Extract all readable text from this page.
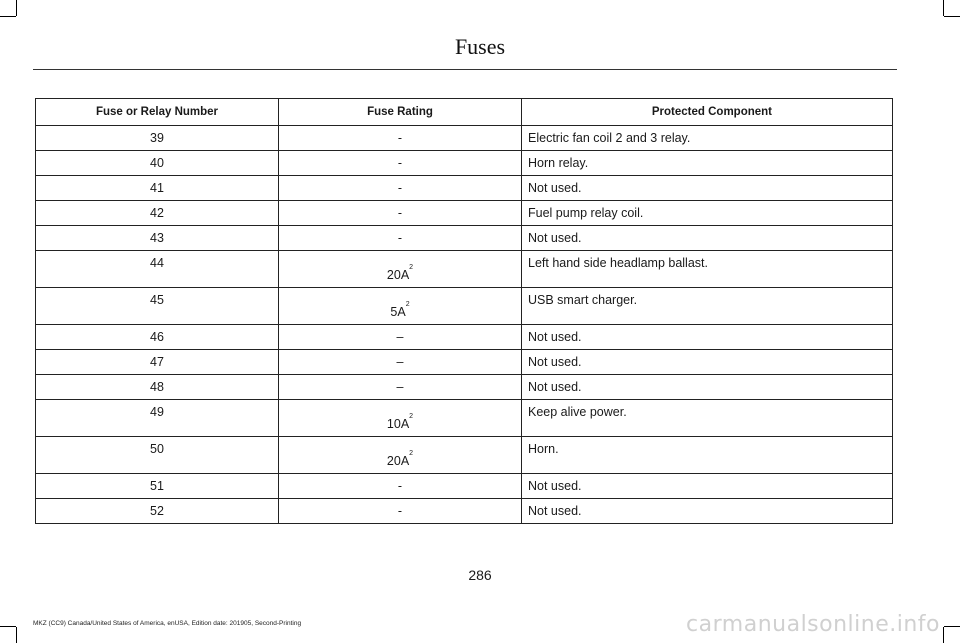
Fuses
Fuse or Relay Number	Fuse Rating	Protected Component
39	-	Electric fan coil 2 and 3 relay.
40	-	Horn relay.
41	-	Not used.
42	-	Fuel pump relay coil.
43	-	Not used.
44	20A$^2$	Left hand side headlamp ballast.
45	5A$^2$	USB smart charger.
46	–	Not used.
47	–	Not used.
48	–	Not used.
49	10A$^2$	Keep alive power.
50	20A$^2$	Horn.
51	-	Not used.
52	-	Not used.
286
MKZ (CC9) Canada/United States of America, enUSA, Edition date: 201905, Second-Printing	carmanualsonline.info
